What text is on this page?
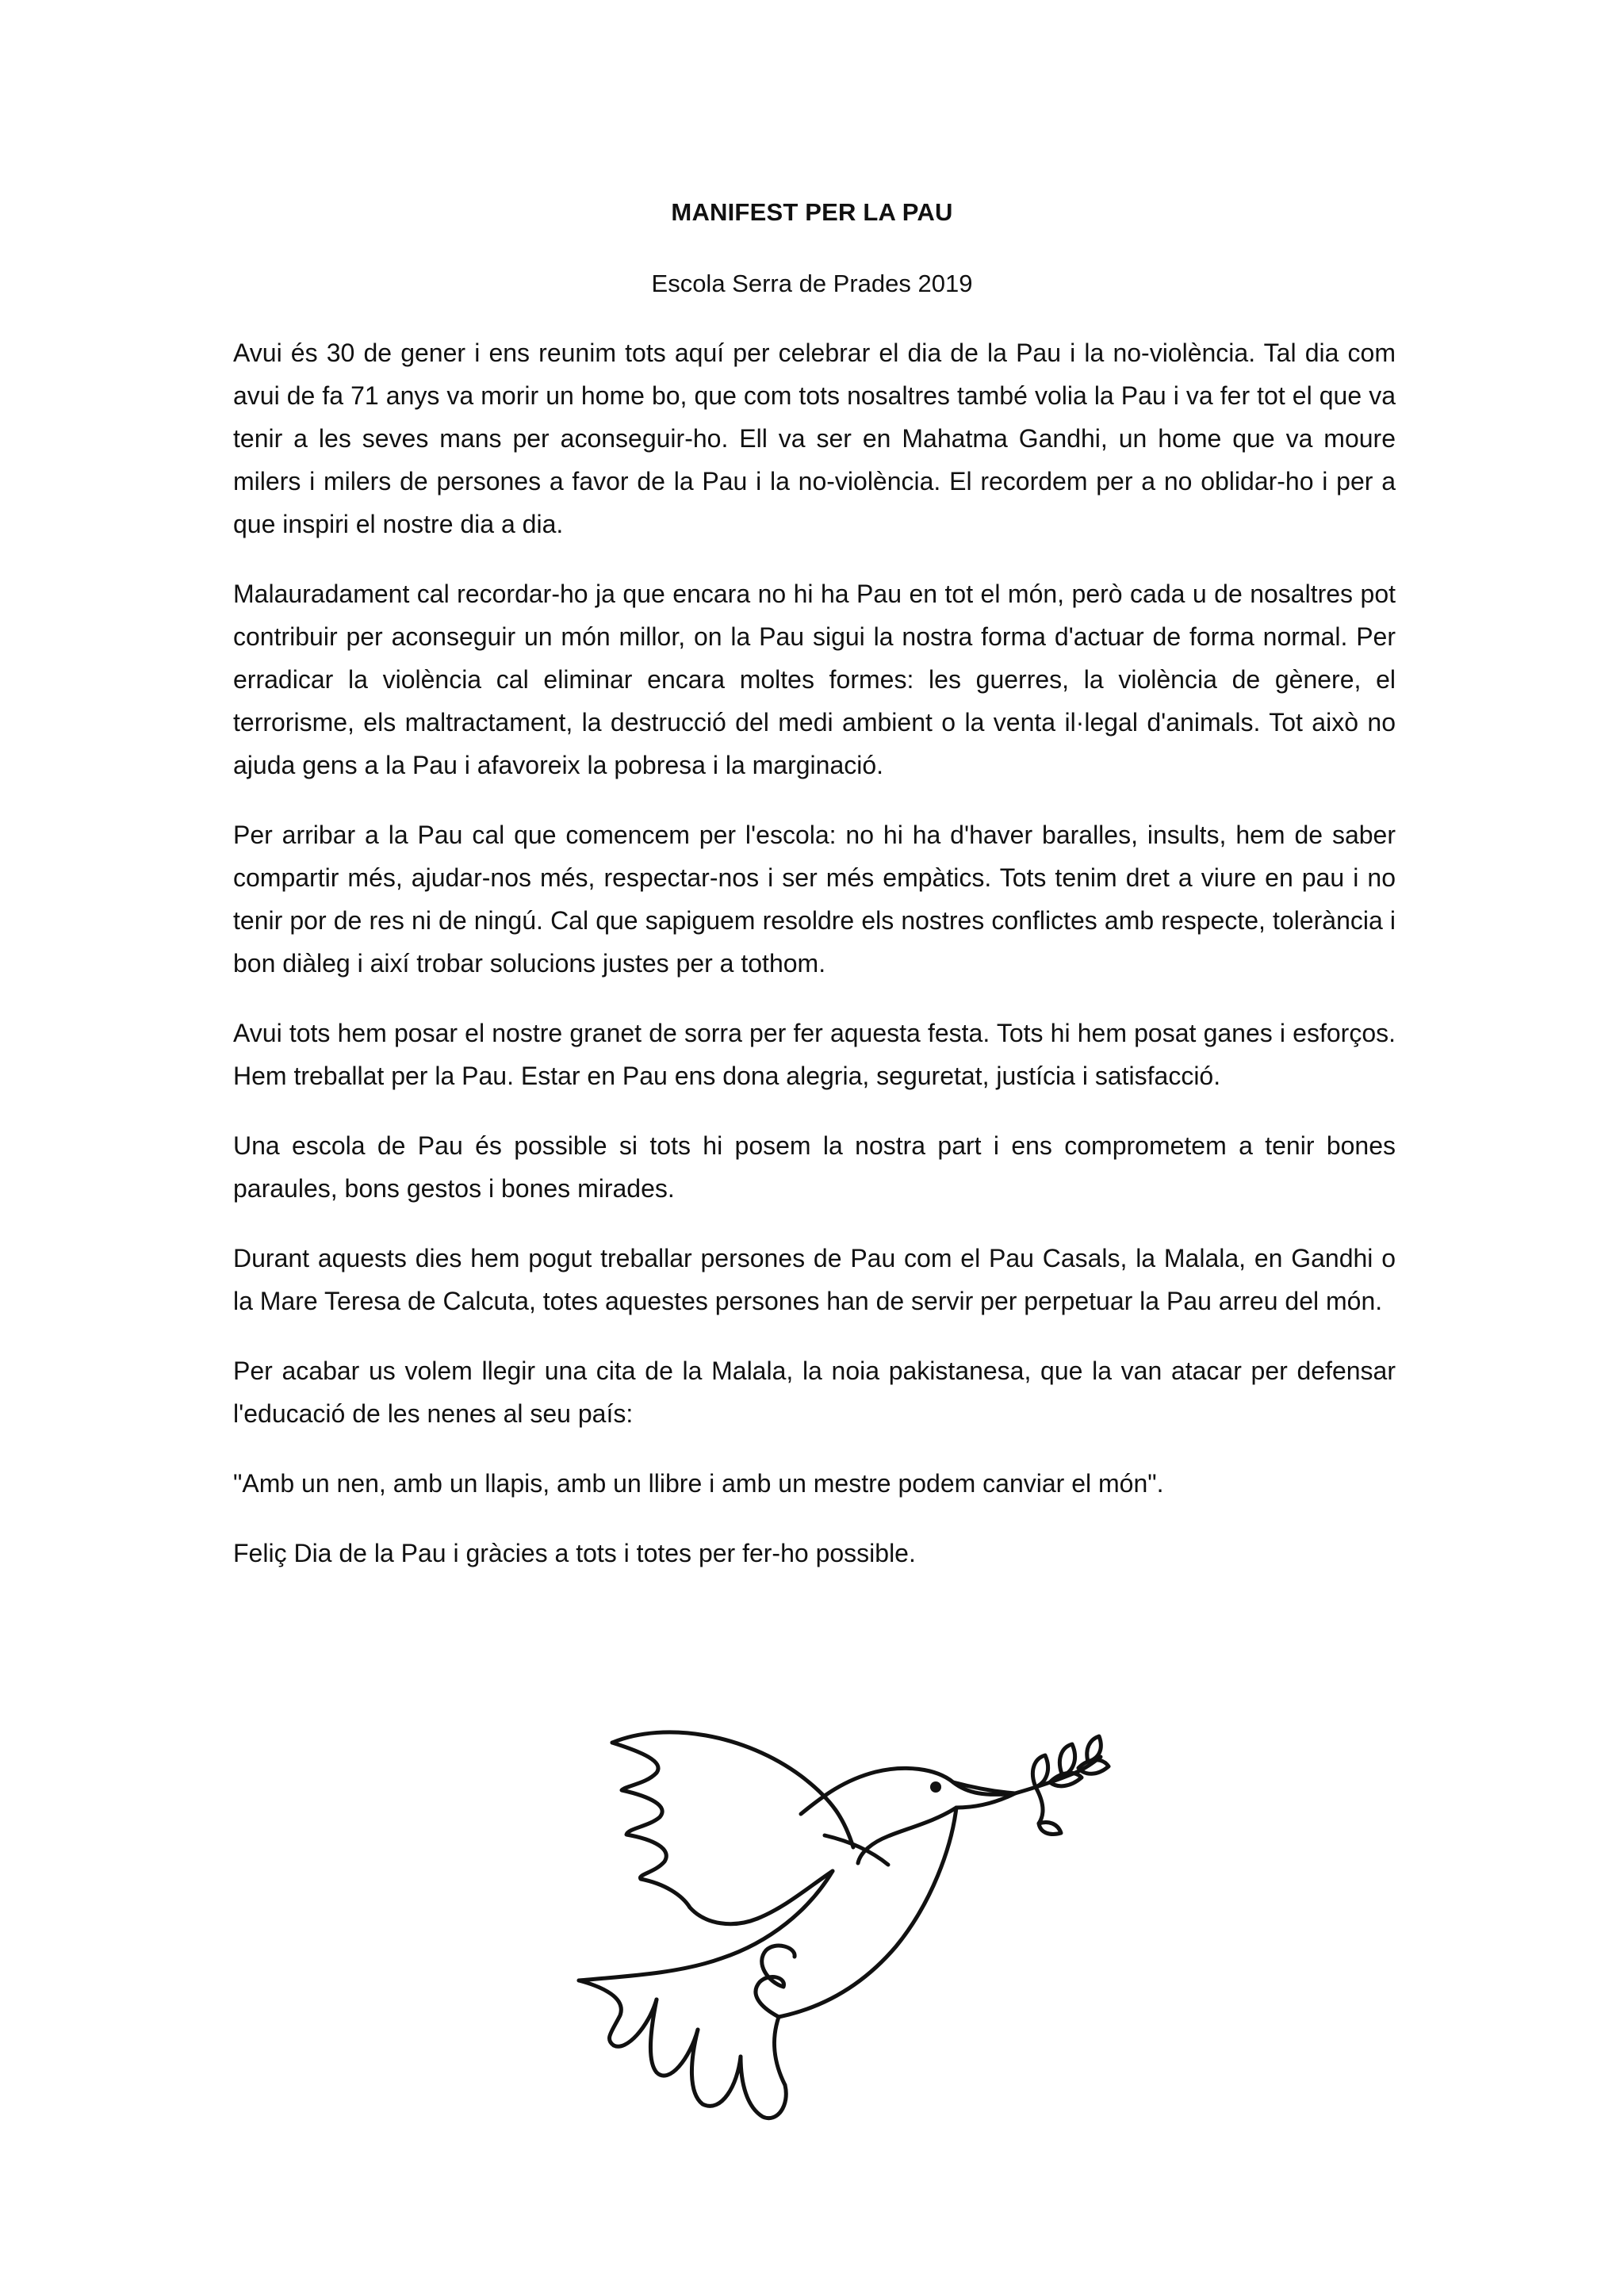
MANIFEST PER LA PAU
Escola Serra de Prades 2019

Avui és 30 de gener i ens reunim tots aquí per celebrar el dia de la Pau i la no-violència. Tal dia com avui de fa 71 anys va morir un home bo, que com tots nosaltres també volia la Pau i va fer tot el que va tenir a les seves mans per aconseguir-ho. Ell va ser en Mahatma Gandhi, un home que va moure milers i milers de persones a favor de la Pau i la no-violència. El recordem per a no oblidar-ho i per a que inspiri el nostre dia a dia.

Malauradament cal recordar-ho ja que encara no hi ha Pau en tot el món, però cada u de nosaltres pot contribuir per aconseguir un món millor, on la Pau sigui la nostra forma d'actuar de forma normal. Per erradicar la violència cal eliminar encara moltes formes: les guerres, la violència de gènere, el terrorisme, els maltractament, la destrucció del medi ambient o la venta il·legal d'animals. Tot això no ajuda gens a la Pau i afavoreix la pobresa i la marginació.

Per arribar a la Pau cal que comencem per l'escola: no hi ha d'haver baralles, insults, hem de saber compartir més, ajudar-nos més, respectar-nos i ser més empàtics. Tots tenim dret a viure en pau i no tenir por de res ni de ningú. Cal que sapiguem resoldre els nostres conflictes amb respecte, tolerància i bon diàleg i així trobar solucions justes per a tothom.

Avui tots hem posar el nostre granet de sorra per fer aquesta festa. Tots hi hem posat ganes i esforços. Hem treballat per la Pau. Estar en Pau ens dona alegria, seguretat, justícia i satisfacció.

Una escola de Pau és possible si tots hi posem la nostra part i ens comprometem a tenir bones paraules, bons gestos i bones mirades.

Durant aquests dies hem pogut treballar persones de Pau com el Pau Casals, la Malala, en Gandhi o la Mare Teresa de Calcuta, totes aquestes persones han de servir per perpetuar la Pau arreu del món.

Per acabar us volem llegir una cita de la Malala, la noia pakistanesa, que la van atacar per defensar l'educació de les nenes al seu país:

"Amb un nen, amb un llapis, amb un llibre i amb un mestre podem canviar el món".

Feliç Dia de la Pau i gràcies a tots i totes per fer-ho possible.
